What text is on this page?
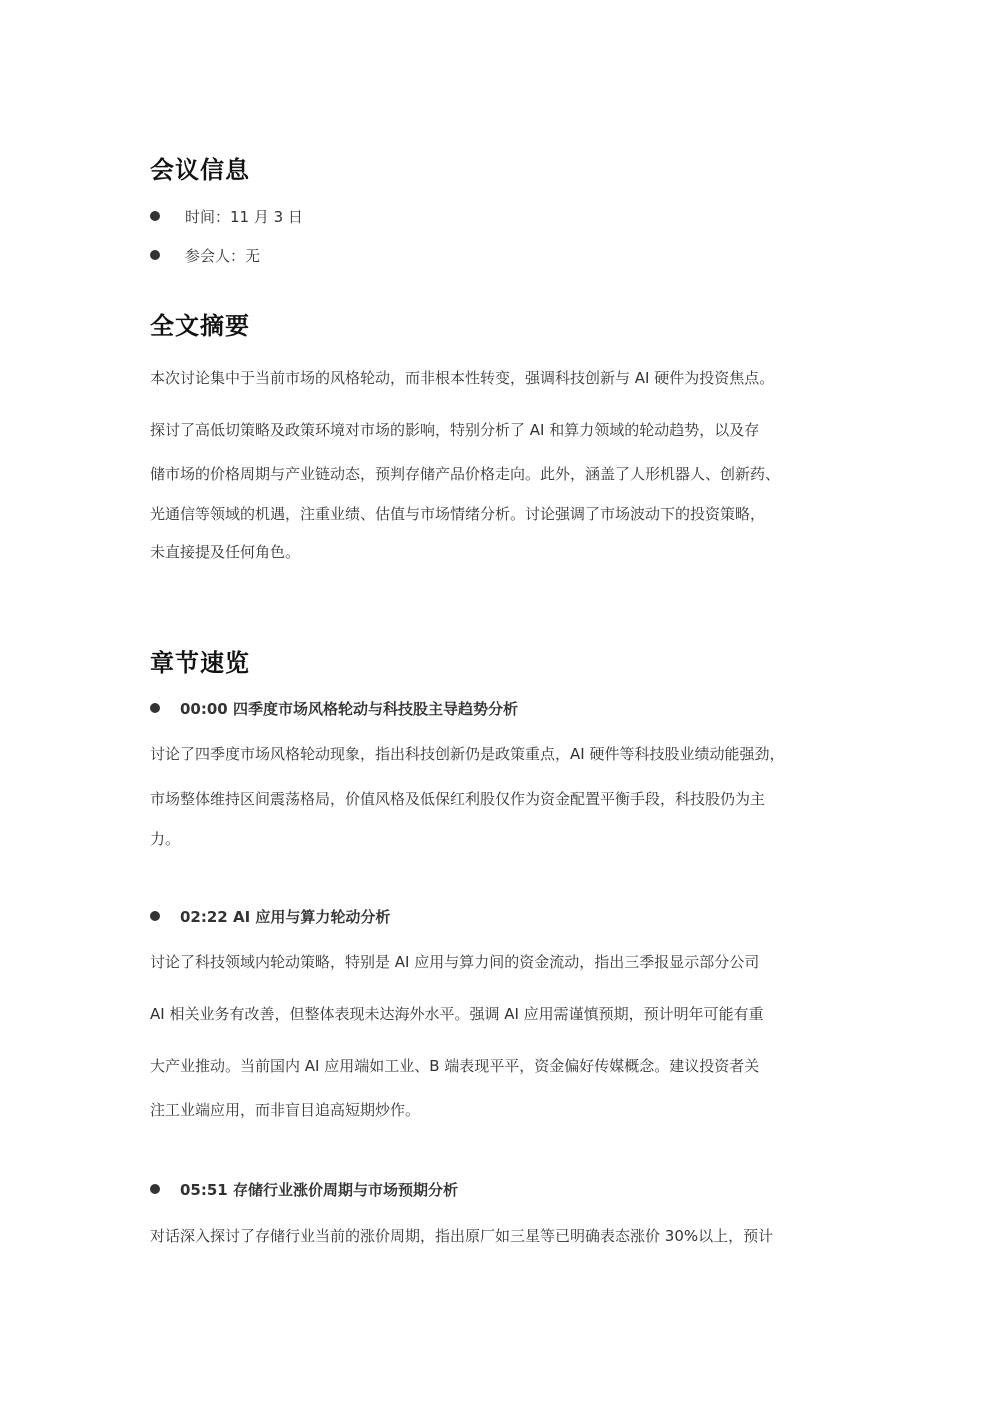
会议信息
时间：11 月 3 日
参会人：无
全文摘要
本次讨论集中于当前市场的风格轮动，而非根本性转变，强调科技创新与 AI 硬件为投资焦点。
探讨了高低切策略及政策环境对市场的影响，特别分析了 AI 和算力领域的轮动趋势，以及存
储市场的价格周期与产业链动态，预判存储产品价格走向。此外，涵盖了人形机器人、创新药、
光通信等领域的机遇，注重业绩、估值与市场情绪分析。讨论强调了市场波动下的投资策略，
未直接提及任何角色。
章节速览
00:00 四季度市场风格轮动与科技股主导趋势分析
讨论了四季度市场风格轮动现象，指出科技创新仍是政策重点，AI 硬件等科技股业绩动能强劲，
市场整体维持区间震荡格局，价值风格及低保红利股仅作为资金配置平衡手段，科技股仍为主
力。
02:22 AI 应用与算力轮动分析
讨论了科技领域内轮动策略，特别是 AI 应用与算力间的资金流动，指出三季报显示部分公司
AI 相关业务有改善，但整体表现未达海外水平。强调 AI 应用需谨慎预期，预计明年可能有重
大产业推动。当前国内 AI 应用端如工业、B 端表现平平，资金偏好传媒概念。建议投资者关
注工业端应用，而非盲目追高短期炒作。
05:51 存储行业涨价周期与市场预期分析
对话深入探讨了存储行业当前的涨价周期，指出原厂如三星等已明确表态涨价 30%以上，预计
